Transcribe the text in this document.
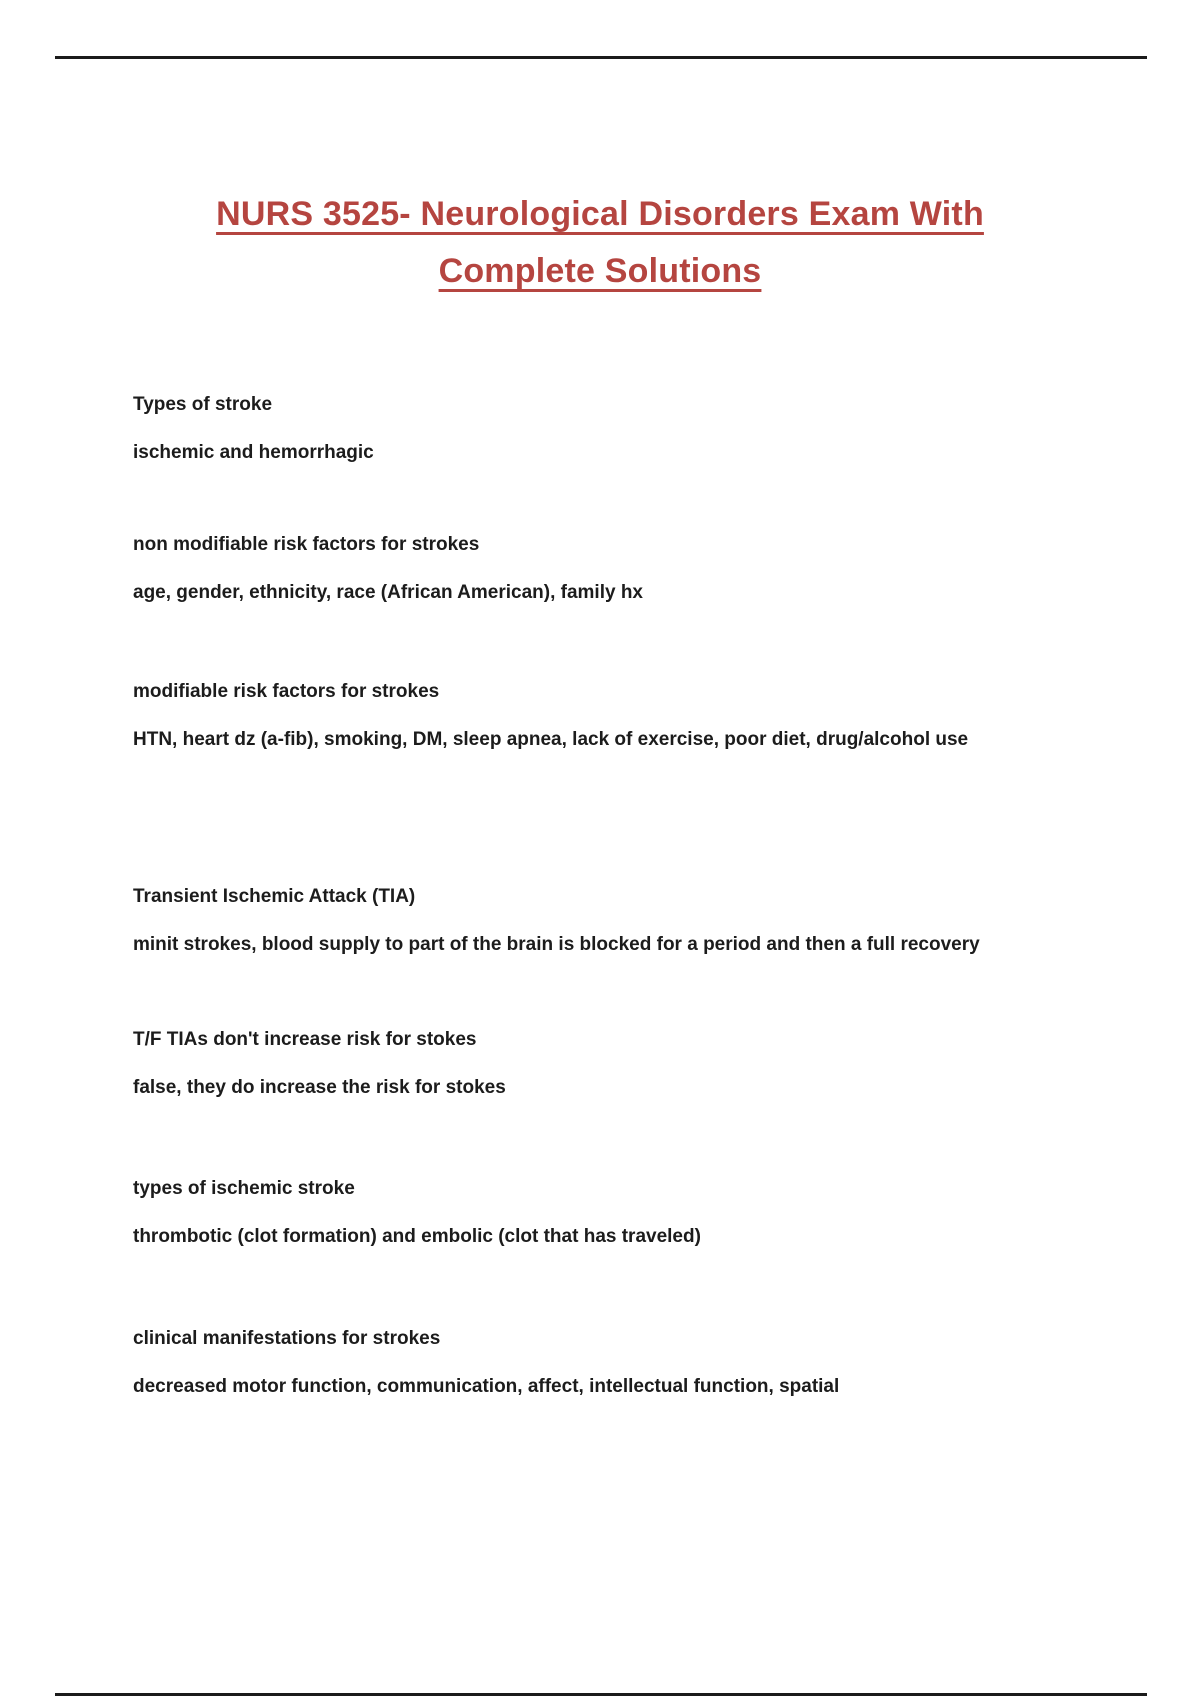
NURS 3525- Neurological Disorders Exam With
Complete Solutions

Types of stroke

ischemic and hemorrhagic

non modifiable risk factors for strokes

age, gender, ethnicity, race (African American), family hx

modifiable risk factors for strokes

HTN, heart dz (a-fib), smoking, DM, sleep apnea, lack of exercise, poor diet, drug/alcohol use

Transient Ischemic Attack (TIA)

minit strokes, blood supply to part of the brain is blocked for a period and then a full recovery

T/F TIAs don't increase risk for stokes

false, they do increase the risk for stokes

types of ischemic stroke

thrombotic (clot formation) and embolic (clot that has traveled)

clinical manifestations for strokes

decreased motor function, communication, affect, intellectual function, spatial
